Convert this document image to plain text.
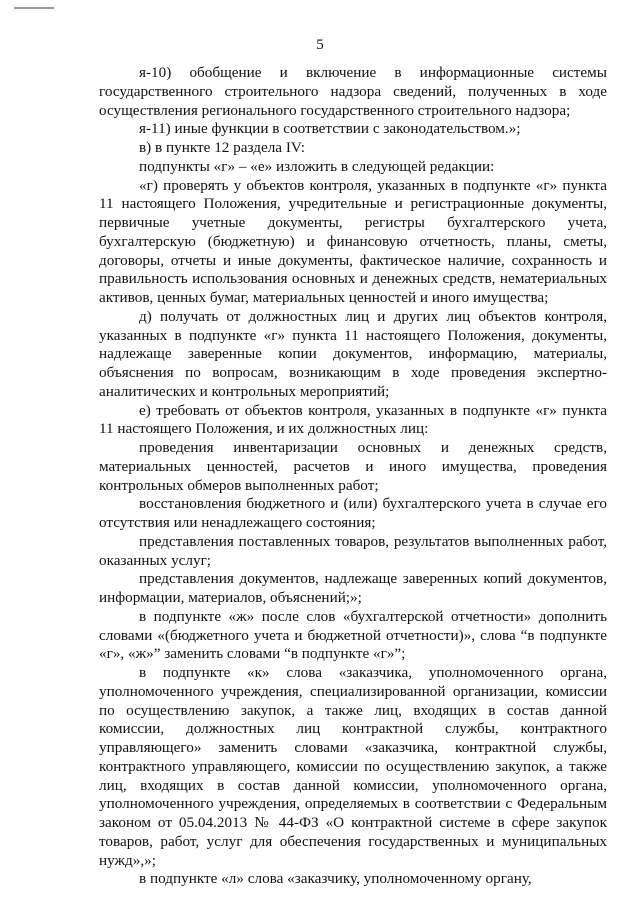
5

я-10) обобщение и включение в информационные системы государственного строительного надзора сведений, полученных в ходе осуществления регионального государственного строительного надзора;

я-11) иные функции в соответствии с законодательством.»;

в) в пункте 12 раздела IV:

подпункты «г» – «е» изложить в следующей редакции:

«г) проверять у объектов контроля, указанных в подпункте «г» пункта 11 настоящего Положения, учредительные и регистрационные документы, первичные учетные документы, регистры бухгалтерского учета, бухгалтерскую (бюджетную) и финансовую отчетность, планы, сметы, договоры, отчеты и иные документы, фактическое наличие, сохранность и правильность использования основных и денежных средств, нематериальных активов, ценных бумаг, материальных ценностей и иного имущества;

д) получать от должностных лиц и других лиц объектов контроля, указанных в подпункте «г» пункта 11 настоящего Положения, документы, надлежаще заверенные копии документов, информацию, материалы, объяснения по вопросам, возникающим в ходе проведения экспертно-аналитических и контрольных мероприятий;

е) требовать от объектов контроля, указанных в подпункте «г» пункта 11 настоящего Положения, и их должностных лиц:

проведения инвентаризации основных и денежных средств, материальных ценностей, расчетов и иного имущества, проведения контрольных обмеров выполненных работ;

восстановления бюджетного и (или) бухгалтерского учета в случае его отсутствия или ненадлежащего состояния;

представления поставленных товаров, результатов выполненных работ, оказанных услуг;

представления документов, надлежаще заверенных копий документов, информации, материалов, объяснений;»;

в подпункте «ж» после слов «бухгалтерской отчетности» дополнить словами «(бюджетного учета и бюджетной отчетности)», слова “в подпункте «г», «ж»” заменить словами “в подпункте «г»”;

в подпункте «к» слова «заказчика, уполномоченного органа, уполномоченного учреждения, специализированной организации, комиссии по осуществлению закупок, а также лиц, входящих в состав данной комиссии, должностных лиц контрактной службы, контрактного управляющего» заменить словами «заказчика, контрактной службы, контрактного управляющего, комиссии по осуществлению закупок, а также лиц, входящих в состав данной комиссии, уполномоченного органа, уполномоченного учреждения, определяемых в соответствии с Федеральным законом от 05.04.2013 № 44-ФЗ «О контрактной системе в сфере закупок товаров, работ, услуг для обеспечения государственных и муниципальных нужд»,»;

в подпункте «л» слова «заказчику, уполномоченному органу,
